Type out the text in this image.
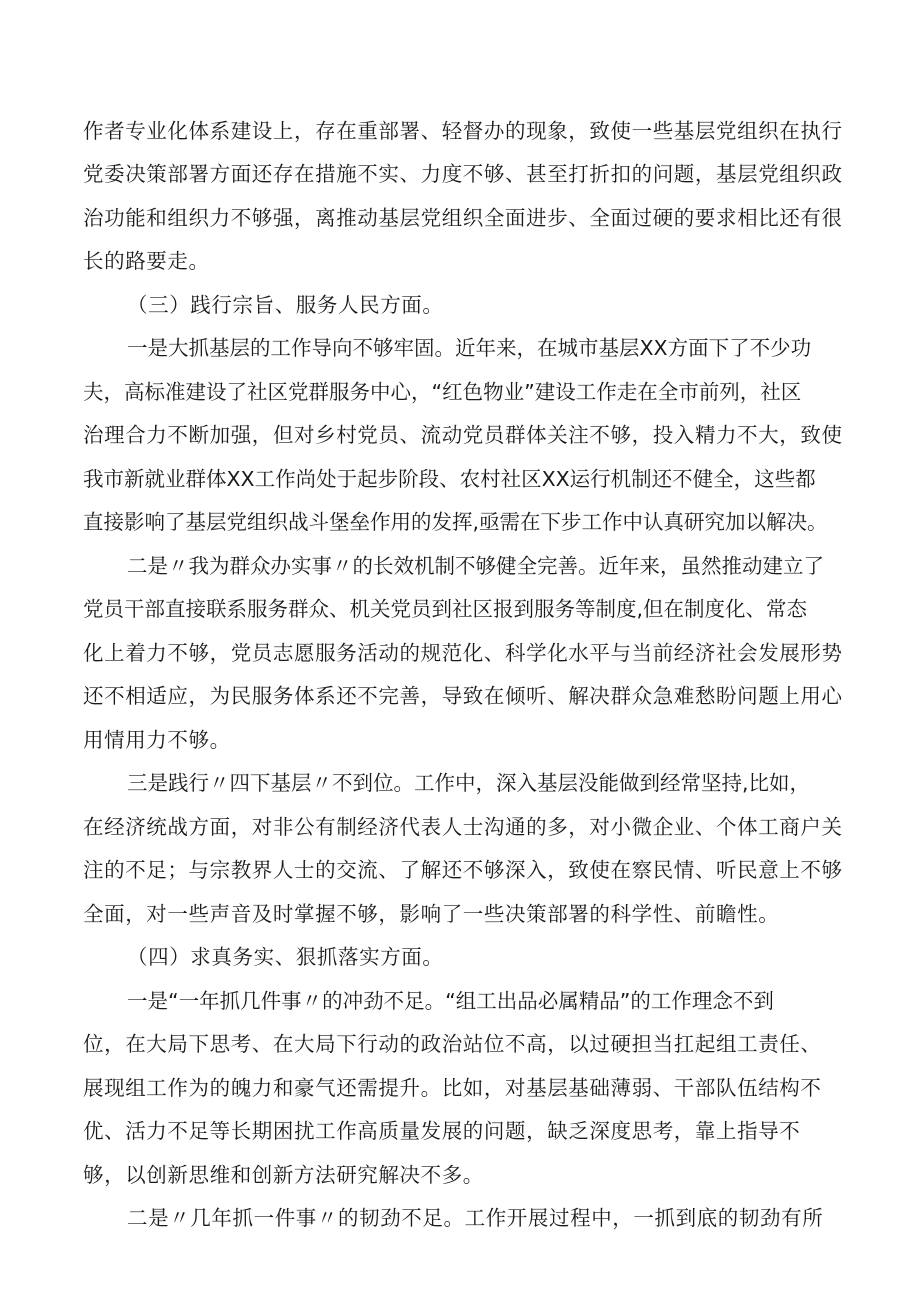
作者专业化体系建设上，存在重部署、轻督办的现象，致使一些基层党组织在执行

党委决策部署方面还存在措施不实、力度不够、甚至打折扣的问题，基层党组织政

治功能和组织力不够强，离推动基层党组织全面进步、全面过硬的要求相比还有很

长的路要走。

（三）践行宗旨、服务人民方面。

一是大抓基层的工作导向不够牢固。近年来，在城市基层XX方面下了不少功

夫，高标准建设了社区党群服务中心，“红色物业”建设工作走在全市前列，社区

治理合力不断加强，但对乡村党员、流动党员群体关注不够，投入精力不大，致使

我市新就业群体XX工作尚处于起步阶段、农村社区XX运行机制还不健全，这些都

直接影响了基层党组织战斗堡垒作用的发挥,亟需在下步工作中认真研究加以解决。

二是〃我为群众办实事〃的长效机制不够健全完善。近年来，虽然推动建立了

党员干部直接联系服务群众、机关党员到社区报到服务等制度,但在制度化、常态

化上着力不够，党员志愿服务活动的规范化、科学化水平与当前经济社会发展形势

还不相适应，为民服务体系还不完善，导致在倾听、解决群众急难愁盼问题上用心

用情用力不够。

三是践行〃四下基层〃不到位。工作中，深入基层没能做到经常坚持,比如，

在经济统战方面，对非公有制经济代表人士沟通的多，对小微企业、个体工商户关

注的不足；与宗教界人士的交流、了解还不够深入，致使在察民情、听民意上不够

全面，对一些声音及时掌握不够，影响了一些决策部署的科学性、前瞻性。

（四）求真务实、狠抓落实方面。

一是“一年抓几件事〃的冲劲不足。“组工出品必属精品”的工作理念不到

位，在大局下思考、在大局下行动的政治站位不高，以过硬担当扛起组工责任、

展现组工作为的魄力和豪气还需提升。比如，对基层基础薄弱、干部队伍结构不

优、活力不足等长期困扰工作高质量发展的问题，缺乏深度思考，靠上指导不

够，以创新思维和创新方法研究解决不多。

二是〃几年抓一件事〃的韧劲不足。工作开展过程中，一抓到底的韧劲有所
